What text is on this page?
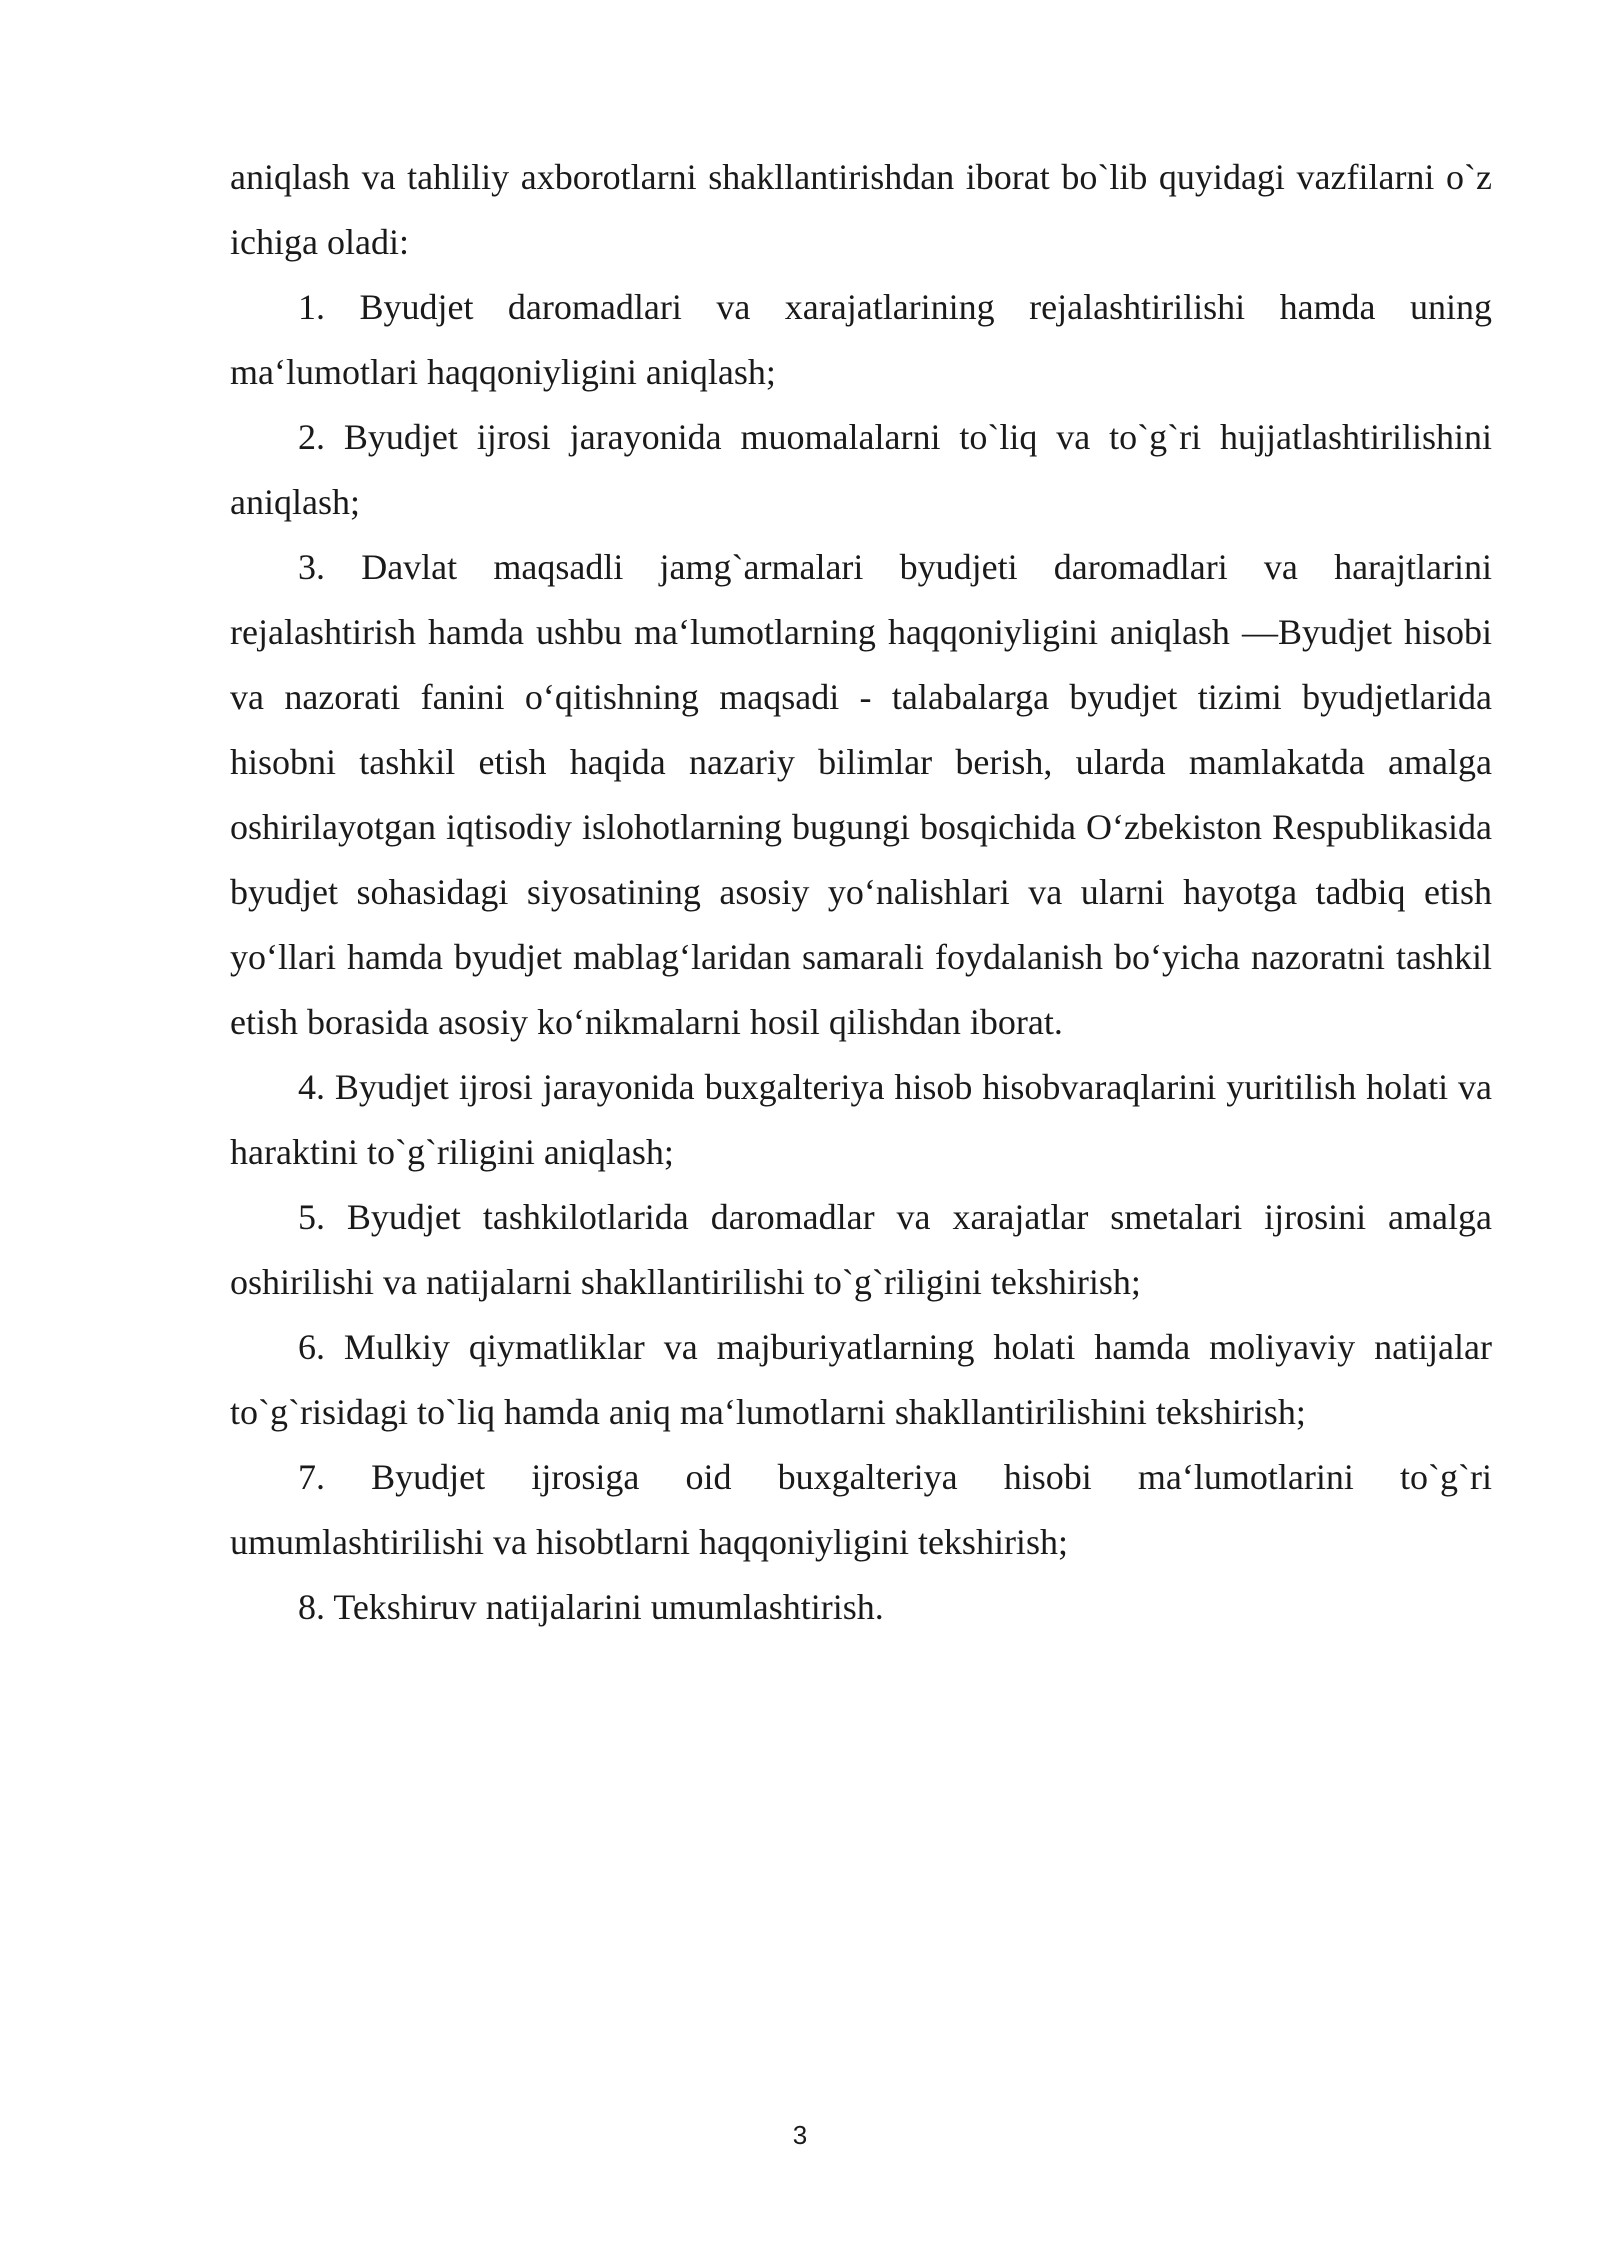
aniqlash va tahliliy axborotlarni shakllantirishdan iborat bo`lib quyidagi vazfilarni o`z ichiga oladi:

1. Byudjet daromadlari va xarajatlarining rejalashtirilishi hamda uning ma‘lumotlari haqqoniyligini aniqlash;

2. Byudjet ijrosi jarayonida muomalalarni to`liq va to`g`ri hujjatlashtirilishini aniqlash;

3. Davlat maqsadli jamg`armalari byudjeti daromadlari va harajtlarini rejalashtirish hamda ushbu ma‘lumotlarning haqqoniyligini aniqlash —Byudjet hisobi va nazorati fanini o‘qitishning maqsadi - talabalarga byudjet tizimi byudjetlarida hisobni tashkil etish haqida nazariy bilimlar berish, ularda mamlakatda amalga oshirilayotgan iqtisodiy islohotlarning bugungi bosqichida O‘zbekiston Respublikasida byudjet sohasidagi siyosatining asosiy yo‘nalishlari va ularni hayotga tadbiq etish yo‘llari hamda byudjet mablag‘laridan samarali foydalanish bo‘yicha nazoratni tashkil etish borasida asosiy ko‘nikmalarni hosil qilishdan iborat.

4. Byudjet ijrosi jarayonida buxgalteriya hisob hisobvaraqlarini yuritilish holati va haraktini to`g`riligini aniqlash;

5. Byudjet tashkilotlarida daromadlar va xarajatlar smetalari ijrosini amalga oshirilishi va natijalarni shakllantirilishi to`g`riligini tekshirish;

6. Mulkiy qiymatliklar va majburiyatlarning holati hamda moliyaviy natijalar to`g`risidagi to`liq hamda aniq ma‘lumotlarni shakllantirilishini tekshirish;

7. Byudjet ijrosiga oid buxgalteriya hisobi ma‘lumotlarini to`g`ri umumlashtirilishi va hisobtlarni haqqoniyligini tekshirish;

8. Tekshiruv natijalarini umumlashtirish.

3
